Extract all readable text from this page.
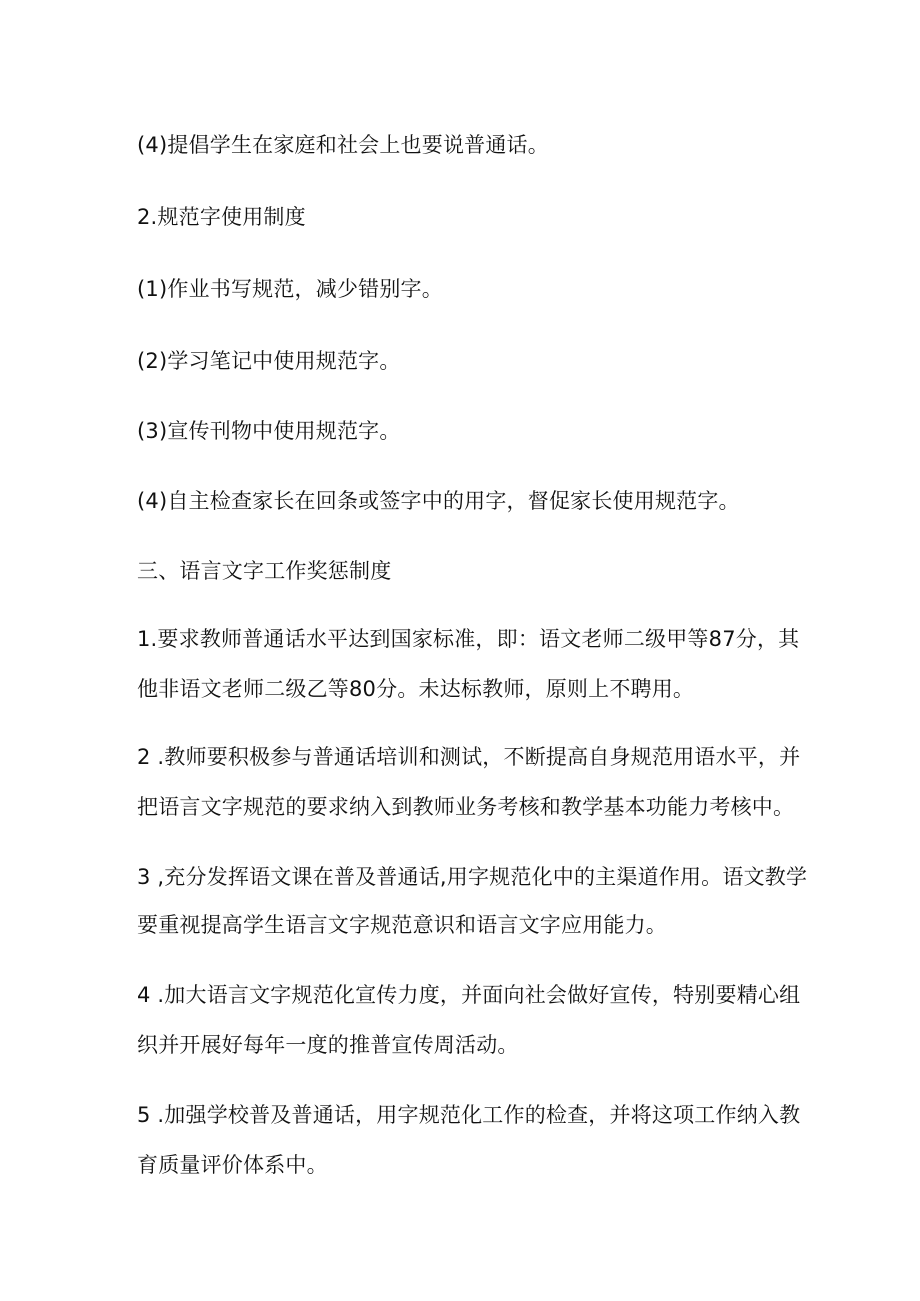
(4)提倡学生在家庭和社会上也要说普通话。
2.规范字使用制度
(1)作业书写规范，减少错别字。
(2)学习笔记中使用规范字。
(3)宣传刊物中使用规范字。
(4)自主检查家长在回条或签字中的用字，督促家长使用规范字。
三、语言文字工作奖惩制度
1.要求教师普通话水平达到国家标准，即：语文老师二级甲等87分，其
他非语文老师二级乙等80分。未达标教师，原则上不聘用。
2 .教师要积极参与普通话培训和测试，不断提高自身规范用语水平，并
把语言文字规范的要求纳入到教师业务考核和教学基本功能力考核中。
3 ,充分发挥语文课在普及普通话,用字规范化中的主渠道作用。语文教学
要重视提高学生语言文字规范意识和语言文字应用能力。
4 .加大语言文字规范化宣传力度，并面向社会做好宣传，特别要精心组
织并开展好每年一度的推普宣传周活动。
5 .加强学校普及普通话，用字规范化工作的检查，并将这项工作纳入教
育质量评价体系中。
